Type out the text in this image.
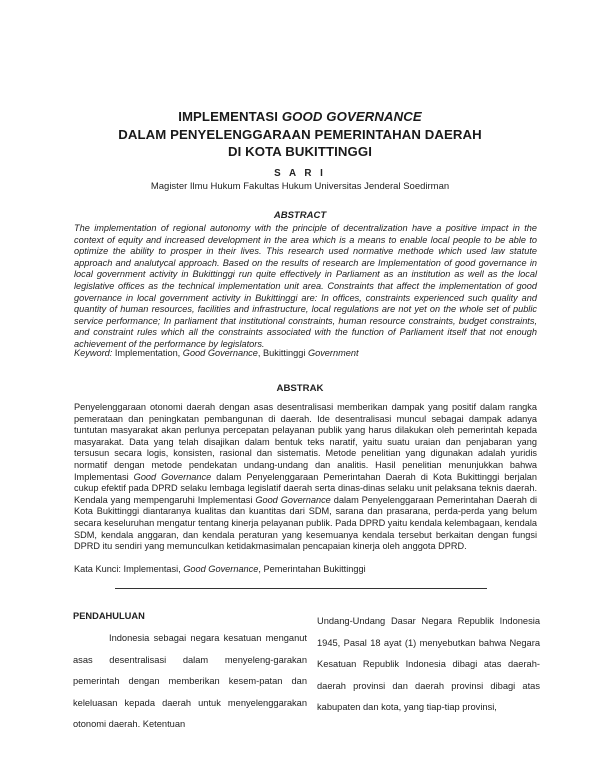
IMPLEMENTASI GOOD GOVERNANCE
DALAM PENYELENGGARAAN PEMERINTAHAN DAERAH
DI KOTA BUKITTINGGI
S A R I
Magister Ilmu Hukum Fakultas Hukum Universitas Jenderal Soedirman
ABSTRACT

The implementation of regional autonomy with the principle of decentralization have a positive impact in the context of equity and increased development in the area which is a means to enable local people to be able to optimize the ability to prosper in their lives. This research used normative methode which used law statute approach and analutycal approach. Based on the results of research are Implementation of good governance in local government activity in Bukittinggi run quite effectively in Parliament as an institution as well as the local legislative offices as the technical implementation unit area. Constraints that affect the implementation of good governance in local government activity in Bukittinggi are: In offices, constraints experienced such quality and quantity of human resources, facilities and infrastructure, local regulations are not yet on the whole set of public service performance; In parliament that institutional constraints, human resource constraints, budget constraints, and constraint rules which all the constraints associated with the function of Parliament itself that not enough achievement of the performance by legislators.

Keyword: Implementation, Good Governance, Bukittinggi Government

ABSTRAK

Penyelenggaraan otonomi daerah dengan asas desentralisasi memberikan dampak yang positif dalam rangka pemerataan dan peningkatan pembangunan di daerah. Ide desentralisasi muncul sebagai dampak adanya tuntutan masyarakat akan perlunya percepatan pelayanan publik yang harus dilakukan oleh pemerintah kepada masyarakat. Data yang telah disajikan dalam bentuk teks naratif, yaitu suatu uraian dan penjabaran yang tersusun secara logis, konsisten, rasional dan sistematis. Metode penelitian yang digunakan adalah yuridis normatif dengan metode pendekatan undang-undang dan analitis. Hasil penelitian menunjukkan bahwa Implementasi Good Governance dalam Penyelenggaraan Pemerintahan Daerah di Kota Bukittinggi berjalan cukup efektif pada DPRD selaku lembaga legislatif daerah serta dinas-dinas selaku unit pelaksana teknis daerah. Kendala yang mempengaruhi Implementasi Good Governance dalam Penyelenggaraan Pemerintahan Daerah di Kota Bukittinggi diantaranya kualitas dan kuantitas dari SDM, sarana dan prasarana, perda-perda yang belum secara keseluruhan mengatur tentang kinerja pelayanan publik. Pada DPRD yaitu kendala kelembagaan, kendala SDM, kendala anggaran, dan kendala peraturan yang kesemuanya kendala tersebut berkaitan dengan fungsi DPRD itu sendiri yang memunculkan ketidakmasimalan pencapaian kinerja oleh anggota DPRD.

Kata Kunci: Implementasi, Good Governance, Pemerintahan Bukittinggi

PENDAHULUAN

Indonesia sebagai negara kesatuan menganut asas desentralisasi dalam menyeleng-garakan pemerintah dengan memberikan kesem-patan dan keleluasan kepada daerah untuk menyelenggarakan otonomi daerah. Ketentuan

Undang-Undang Dasar Negara Republik Indonesia 1945, Pasal 18 ayat (1) menyebutkan bahwa Negara Kesatuan Republik Indonesia dibagi atas daerah-daerah provinsi dan daerah provinsi dibagi atas kabupaten dan kota, yang tiap-tiap provinsi,
